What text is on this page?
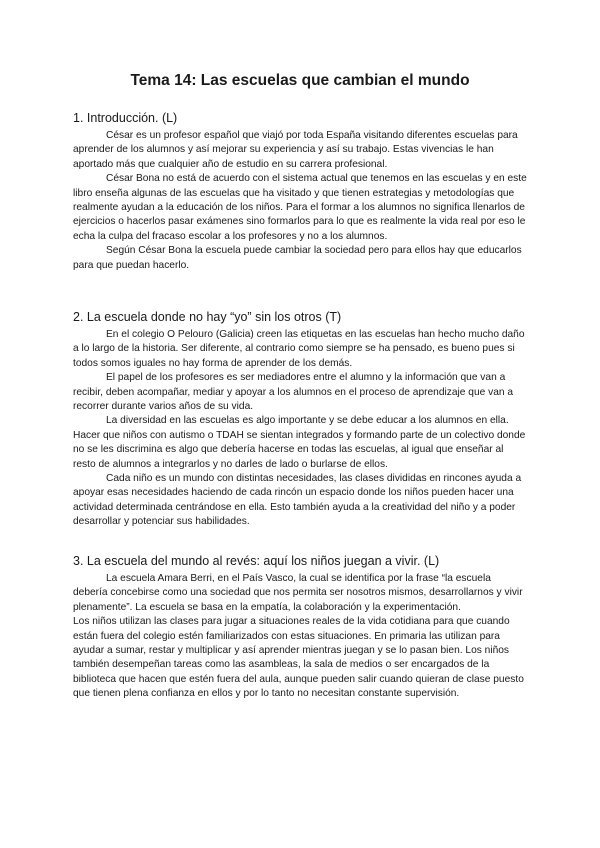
Tema 14: Las escuelas que cambian el mundo
1. Introducción. (L)

César es un profesor español que viajó por toda España visitando diferentes escuelas para aprender de los alumnos y así mejorar su experiencia y así su trabajo. Estas vivencias le han aportado más que cualquier año de estudio en su carrera profesional.

César Bona no está de acuerdo con el sistema actual que tenemos en las escuelas y en este libro enseña algunas de las escuelas que ha visitado y que tienen estrategias y metodologías que realmente ayudan a la educación de los niños. Para el formar a los alumnos no significa llenarlos de ejercicios o hacerlos pasar exámenes sino formarlos para lo que es realmente la vida real por eso le echa la culpa del fracaso escolar a los profesores y no a los alumnos.

Según César Bona la escuela puede cambiar la sociedad pero para ellos hay que educarlos para que puedan hacerlo.

2. La escuela donde no hay “yo” sin los otros (T)

En el colegio O Pelouro (Galicia) creen las etiquetas en las escuelas han hecho mucho daño a lo largo de la historia. Ser diferente, al contrario como siempre se ha pensado, es bueno pues si todos somos iguales no hay forma de aprender de los demás.

El papel de los profesores es ser mediadores entre el alumno y la información que van a recibir, deben acompañar, mediar y apoyar a los alumnos en el proceso de aprendizaje que van a recorrer durante varios años de su vida.

La diversidad en las escuelas es algo importante y se debe educar a los alumnos en ella. Hacer que niños con autismo o TDAH se sientan integrados y formando parte de un colectivo donde no se les discrimina es algo que debería hacerse en todas las escuelas, al igual que enseñar al resto de alumnos a integrarlos y no darles de lado o burlarse de ellos.

Cada niño es un mundo con distintas necesidades, las clases divididas en rincones ayuda a apoyar esas necesidades haciendo de cada rincón un espacio donde los niños pueden hacer una actividad determinada centrándose en ella. Esto también ayuda a la creatividad del niño y a poder desarrollar y potenciar sus habilidades.

3. La escuela del mundo al revés: aquí los niños juegan a vivir. (L)

La escuela Amara Berri, en el País Vasco, la cual se identifica por la frase “la escuela debería concebirse como una sociedad que nos permita ser nosotros mismos, desarrollarnos y vivir plenamente”. La escuela se basa en la empatía, la colaboración y la experimentación.

Los niños utilizan las clases para jugar a situaciones reales de la vida cotidiana para que cuando están fuera del colegio estén familiarizados con estas situaciones. En primaria las utilizan para ayudar a sumar, restar y multiplicar y así aprender mientras juegan y se lo pasan bien. Los niños también desempeñan tareas como las asambleas, la sala de medios o ser encargados de la biblioteca que hacen que estén fuera del aula, aunque pueden salir cuando quieran de clase puesto que tienen plena confianza en ellos y por lo tanto no necesitan constante supervisión.
